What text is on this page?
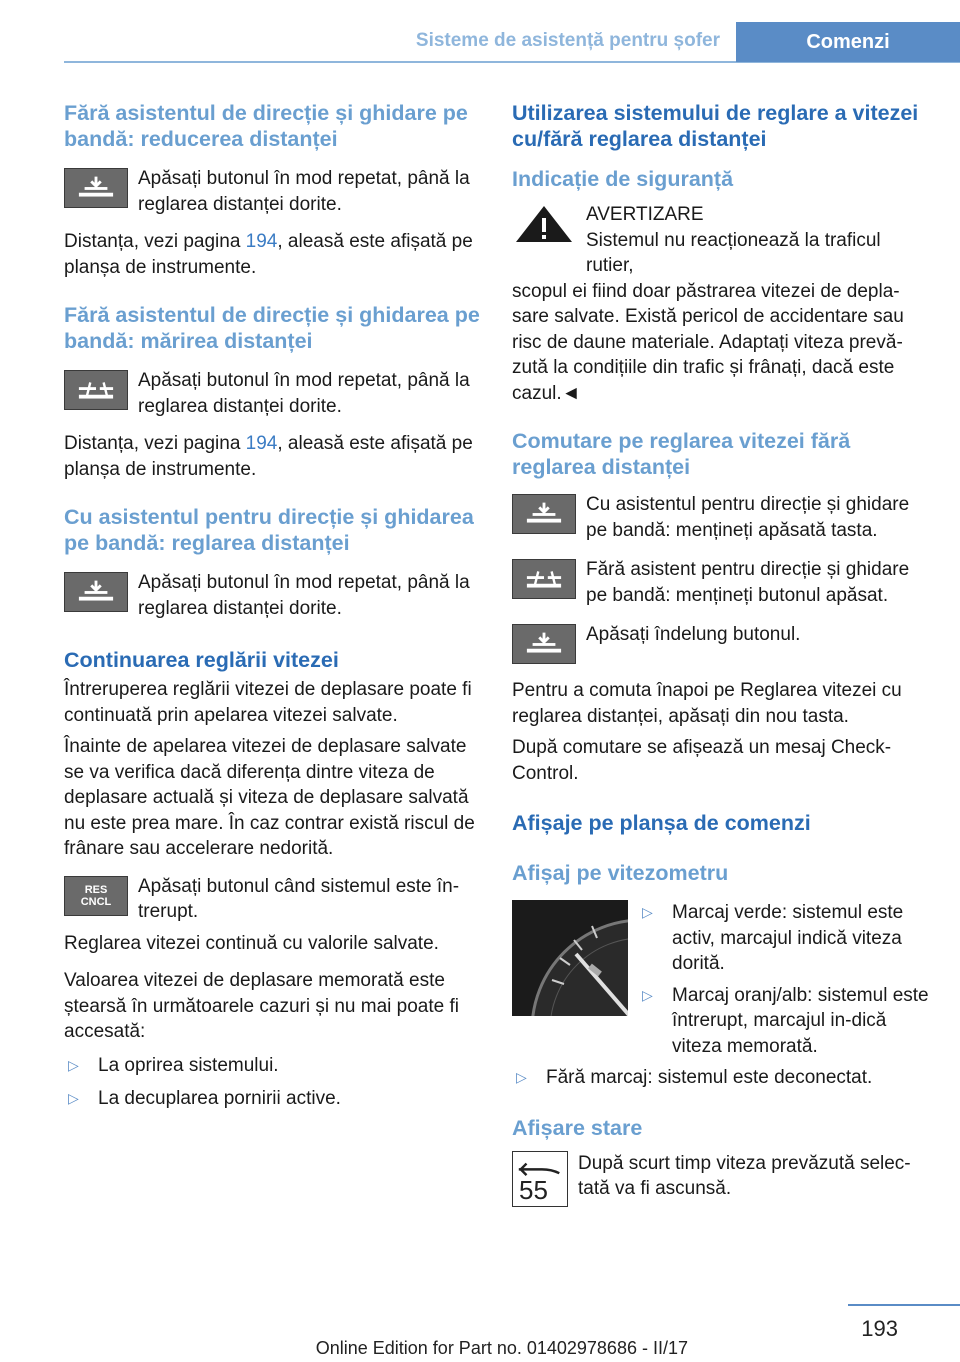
Sisteme de asistență pentru șofer	Comenzi
Fără asistentul de direcție și ghidare pe bandă: reducerea distanței

Apăsați butonul în mod repetat, până la reglarea distanței dorite.

Distanța, vezi pagina 194, aleasă este afișată pe planșa de instrumente.

Fără asistentul de direcție și ghidarea pe bandă: mărirea distanței

Apăsați butonul în mod repetat, până la reglarea distanței dorite.

Distanța, vezi pagina 194, aleasă este afișată pe planșa de instrumente.

Cu asistentul pentru direcție și ghidarea pe bandă: reglarea distanței

Apăsați butonul în mod repetat, până la reglarea distanței dorite.

Continuarea reglării vitezei

Întreruperea reglării vitezei de deplasare poate fi continuată prin apelarea vitezei salvate.

Înainte de apelarea vitezei de deplasare salvate se va verifica dacă diferența dintre viteza de deplasare actuală și viteza de deplasare salvată nu este prea mare. În caz contrar există riscul de frânare sau accelerare nedorită.

RES
CNCL

Apăsați butonul când sistemul este în-trerupt.

Reglarea vitezei continuă cu valorile salvate.

Valoarea vitezei de deplasare memorată este ștearsă în următoarele cazuri și nu mai poate fi accesată:

▷	La oprirea sistemului.
▷	La decuplarea pornirii active.
Utilizarea sistemului de reglare a vitezei cu/fără reglarea distanței
Indicație de siguranță

AVERTIZARE

Sistemul nu reacționează la traficul rutier,

scopul ei fiind doar păstrarea vitezei de depla-sare salvate. Există pericol de accidentare sau risc de daune materiale. Adaptați viteza prevă-zută la condițiile din trafic și frânați, dacă este cazul.◄

Comutare pe reglarea vitezei fără reglarea distanței

Cu asistentul pentru direcție și ghidare pe bandă: mențineți apăsată tasta.

Fără asistent pentru direcție și ghidare pe bandă: mențineți butonul apăsat.

Apăsați îndelung butonul.

Pentru a comuta înapoi pe Reglarea vitezei cu reglarea distanței, apăsați din nou tasta.

După comutare se afișează un mesaj Check-Control.

Afișaje pe planșa de comenzi
Afișaj pe vitezometru
▷	Marcaj verde: sistemul este activ, marcajul indică viteza dorită.
▷	Marcaj oranj/alb: sistemul este întrerupt, marcajul in-dică viteza memorată.
▷	Fără marcaj: sistemul este deconectat.
Afișare stare
55

După scurt timp viteza prevăzută selec-tată va fi ascunsă.

193
Online Edition for Part no. 01402978686 - II/17
